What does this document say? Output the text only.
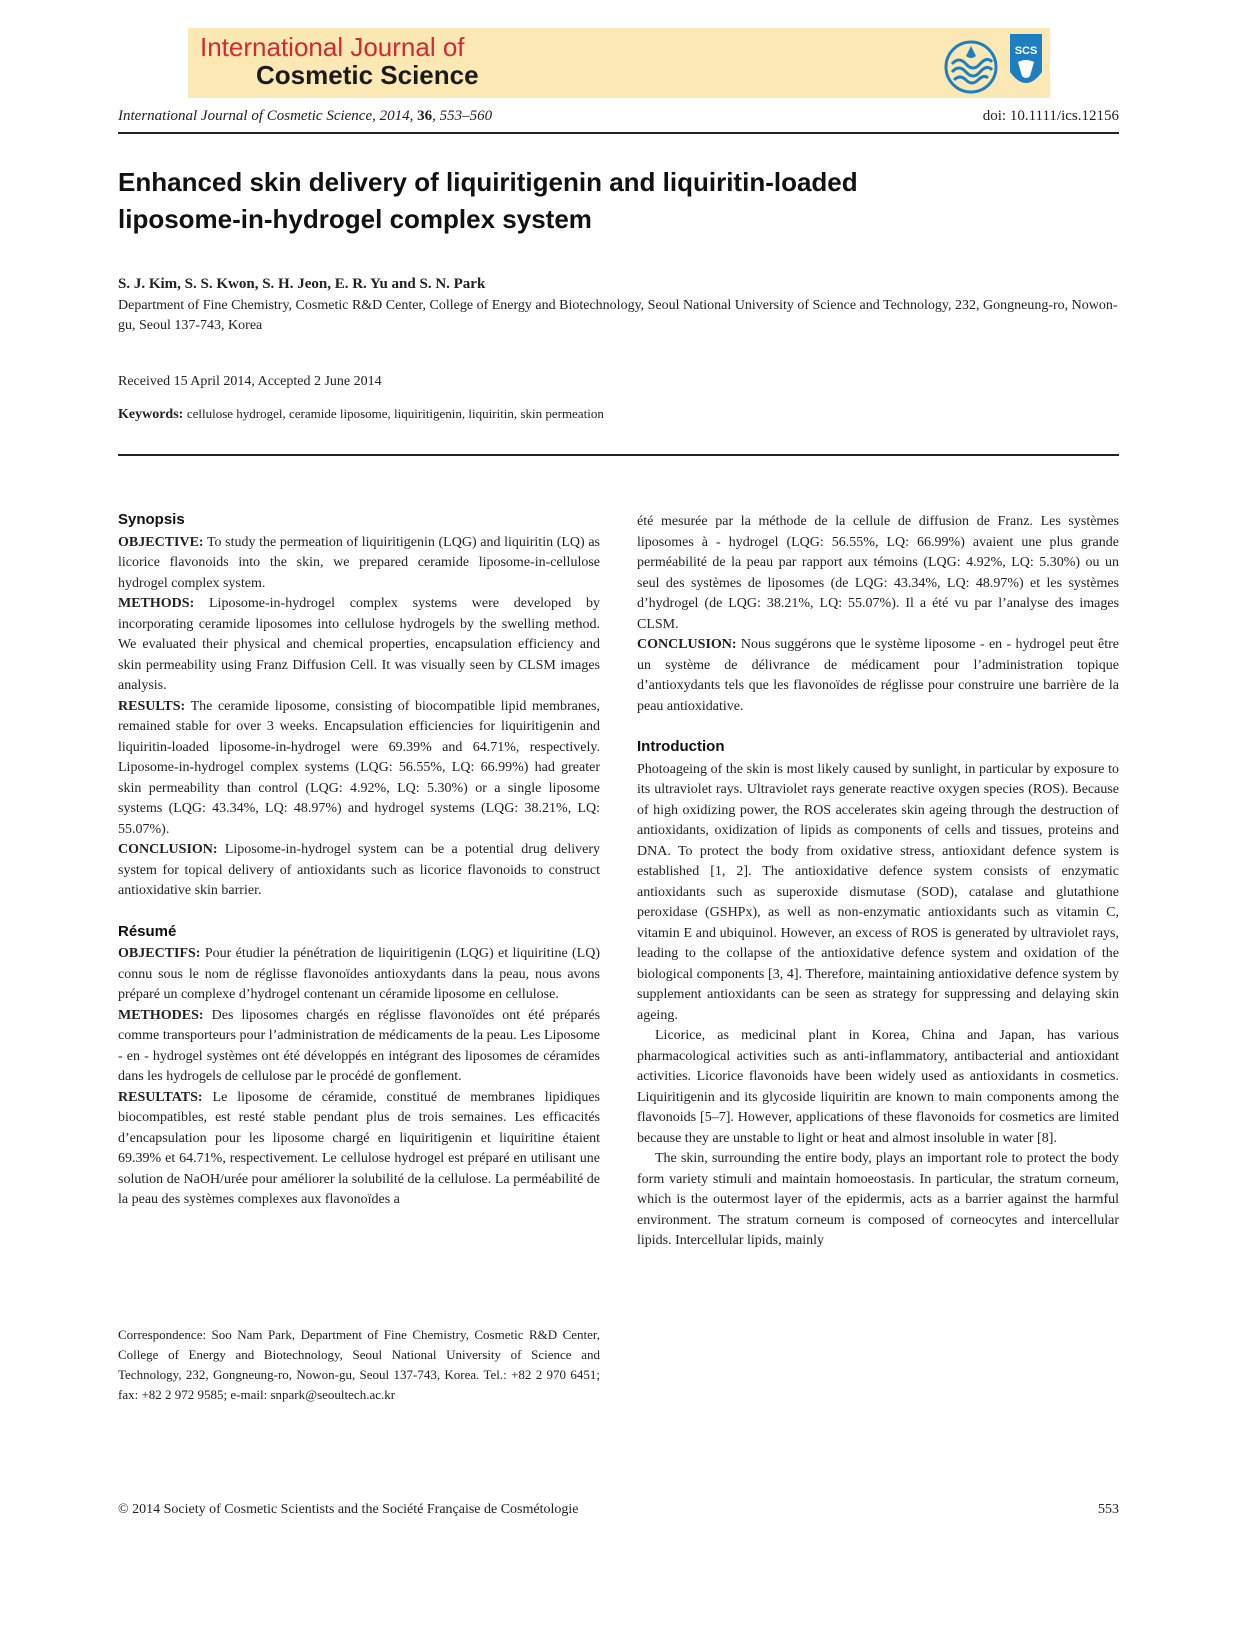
International Journal of
Cosmetic Science
SCS
International Journal of Cosmetic Science, 2014, 36, 553–560	doi: 10.1111/ics.12156
Enhanced skin delivery of liquiritigenin and liquiritin-loaded
liposome-in-hydrogel complex system
S. J. Kim, S. S. Kwon, S. H. Jeon, E. R. Yu and S. N. Park
Department of Fine Chemistry, Cosmetic R&D Center, College of Energy and Biotechnology, Seoul National University of Science and Technology, 232, Gongneung-ro, Nowon-gu, Seoul 137-743, Korea
Received 15 April 2014, Accepted 2 June 2014
Keywords: cellulose hydrogel, ceramide liposome, liquiritigenin, liquiritin, skin permeation
Synopsis

OBJECTIVE: To study the permeation of liquiritigenin (LQG) and liquiritin (LQ) as licorice flavonoids into the skin, we prepared ceramide liposome-in-cellulose hydrogel complex system.

METHODS: Liposome-in-hydrogel complex systems were developed by incorporating ceramide liposomes into cellulose hydrogels by the swelling method. We evaluated their physical and chemical properties, encapsulation efficiency and skin permeability using Franz Diffusion Cell. It was visually seen by CLSM images analysis.

RESULTS: The ceramide liposome, consisting of biocompatible lipid membranes, remained stable for over 3 weeks. Encapsulation efficiencies for liquiritigenin and liquiritin-loaded liposome-in-hydrogel were 69.39% and 64.71%, respectively. Liposome-in-hydrogel complex systems (LQG: 56.55%, LQ: 66.99%) had greater skin permeability than control (LQG: 4.92%, LQ: 5.30%) or a single liposome systems (LQG: 43.34%, LQ: 48.97%) and hydrogel systems (LQG: 38.21%, LQ: 55.07%).

CONCLUSION: Liposome-in-hydrogel system can be a potential drug delivery system for topical delivery of antioxidants such as licorice flavonoids to construct antioxidative skin barrier.

Résumé

OBJECTIFS: Pour étudier la pénétration de liquiritigenin (LQG) et liquiritine (LQ) connu sous le nom de réglisse flavonoïdes antioxydants dans la peau, nous avons préparé un complexe d’hydrogel contenant un céramide liposome en cellulose.

METHODES: Des liposomes chargés en réglisse flavonoïdes ont été préparés comme transporteurs pour l’administration de médicaments de la peau. Les Liposome - en - hydrogel systèmes ont été développés en intégrant des liposomes de céramides dans les hydrogels de cellulose par le procédé de gonflement.

RESULTATS: Le liposome de céramide, constitué de membranes lipidiques biocompatibles, est resté stable pendant plus de trois semaines. Les efficacités d’encapsulation pour les liposome chargé en liquiritigenin et liquiritine étaient 69.39% et 64.71%, respectivement. Le cellulose hydrogel est préparé en utilisant une solution de NaOH/urée pour améliorer la solubilité de la cellulose. La perméabilité de la peau des systèmes complexes aux flavonoïdes a

Correspondence: Soo Nam Park, Department of Fine Chemistry, Cosmetic R&D Center, College of Energy and Biotechnology, Seoul National University of Science and Technology, 232, Gongneung-ro, Nowon-gu, Seoul 137-743, Korea. Tel.: +82 2 970 6451; fax: +82 2 972 9585; e-mail: snpark@seoultech.ac.kr

été mesurée par la méthode de la cellule de diffusion de Franz. Les systèmes liposomes à - hydrogel (LQG: 56.55%, LQ: 66.99%) avaient une plus grande perméabilité de la peau par rapport aux témoins (LQG: 4.92%, LQ: 5.30%) ou un seul des systèmes de liposomes (de LQG: 43.34%, LQ: 48.97%) et les systèmes d’hydrogel (de LQG: 38.21%, LQ: 55.07%). Il a été vu par l’analyse des images CLSM.

CONCLUSION: Nous suggérons que le système liposome - en - hydrogel peut être un système de délivrance de médicament pour l’administration topique d’antioxydants tels que les flavonoïdes de réglisse pour construire une barrière de la peau antioxidative.

Introduction

Photoageing of the skin is most likely caused by sunlight, in particular by exposure to its ultraviolet rays. Ultraviolet rays generate reactive oxygen species (ROS). Because of high oxidizing power, the ROS accelerates skin ageing through the destruction of antioxidants, oxidization of lipids as components of cells and tissues, proteins and DNA. To protect the body from oxidative stress, antioxidant defence system is established [1, 2]. The antioxidative defence system consists of enzymatic antioxidants such as superoxide dismutase (SOD), catalase and glutathione peroxidase (GSHPx), as well as non-enzymatic antioxidants such as vitamin C, vitamin E and ubiquinol. However, an excess of ROS is generated by ultraviolet rays, leading to the collapse of the antioxidative defence system and oxidation of the biological components [3, 4]. Therefore, maintaining antioxidative defence system by supplement antioxidants can be seen as strategy for suppressing and delaying skin ageing.

Licorice, as medicinal plant in Korea, China and Japan, has various pharmacological activities such as anti-inflammatory, antibacterial and antioxidant activities. Licorice flavonoids have been widely used as antioxidants in cosmetics. Liquiritigenin and its glycoside liquiritin are known to main components among the flavonoids [5–7]. However, applications of these flavonoids for cosmetics are limited because they are unstable to light or heat and almost insoluble in water [8].

The skin, surrounding the entire body, plays an important role to protect the body form variety stimuli and maintain homoeostasis. In particular, the stratum corneum, which is the outermost layer of the epidermis, acts as a barrier against the harmful environment. The stratum corneum is composed of corneocytes and intercellular lipids. Intercellular lipids, mainly

© 2014 Society of Cosmetic Scientists and the Société Française de Cosmétologie	553
